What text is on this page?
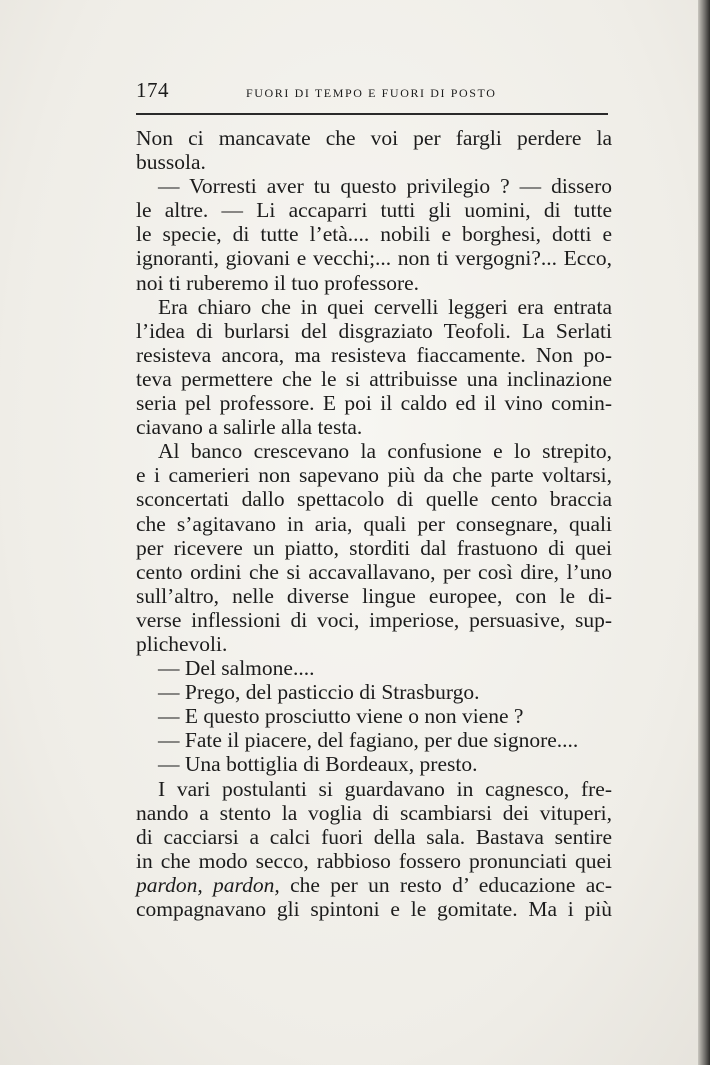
174	FUORI DI TEMPO E FUORI DI POSTO
Non ci mancavate che voi per fargli perdere la
bussola.
— Vorresti aver tu questo privilegio ? — dissero
le altre. — Li accaparri tutti gli uomini, di tutte
le specie, di tutte l’età.... nobili e borghesi, dotti e
ignoranti, giovani e vecchi;... non ti vergogni?... Ecco,
noi ti ruberemo il tuo professore.
Era chiaro che in quei cervelli leggeri era entrata
l’idea di burlarsi del disgraziato Teofoli. La Serlati
resisteva ancora, ma resisteva fiaccamente. Non po-
teva permettere che le si attribuisse una inclinazione
seria pel professore. E poi il caldo ed il vino comin-
ciavano a salirle alla testa.
Al banco crescevano la confusione e lo strepito,
e i camerieri non sapevano più da che parte voltarsi,
sconcertati dallo spettacolo di quelle cento braccia
che s’agitavano in aria, quali per consegnare, quali
per ricevere un piatto, storditi dal frastuono di quei
cento ordini che si accavallavano, per così dire, l’uno
sull’altro, nelle diverse lingue europee, con le di-
verse inflessioni di voci, imperiose, persuasive, sup-
plichevoli.
— Del salmone....
— Prego, del pasticcio di Strasburgo.
— E questo prosciutto viene o non viene ?
— Fate il piacere, del fagiano, per due signore....
— Una bottiglia di Bordeaux, presto.
I vari postulanti si guardavano in cagnesco, fre-
nando a stento la voglia di scambiarsi dei vituperi,
di cacciarsi a calci fuori della sala. Bastava sentire
in che modo secco, rabbioso fossero pronunciati quei
pardon, pardon, che per un resto d’ educazione ac-
compagnavano gli spintoni e le gomitate. Ma i più
